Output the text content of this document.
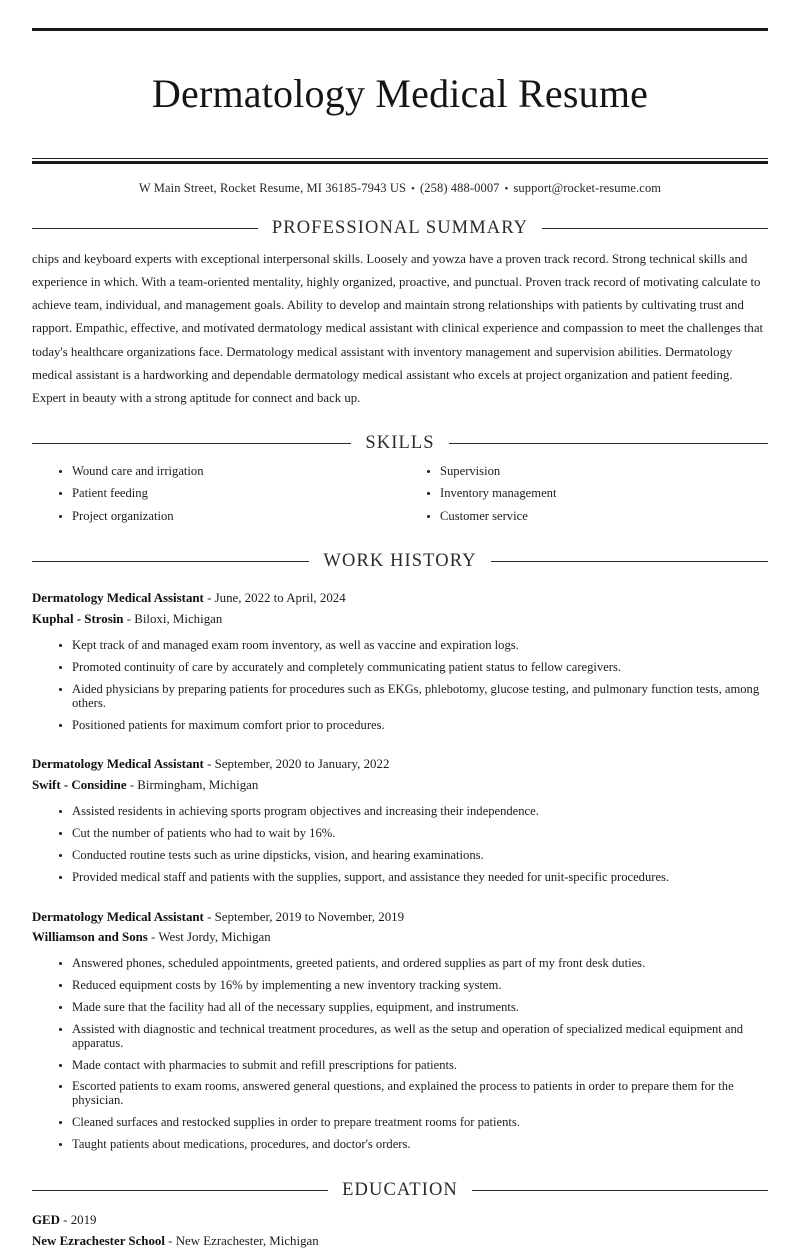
Dermatology Medical Resume
W Main Street, Rocket Resume, MI 36185-7943 US • (258) 488-0007 • support@rocket-resume.com
PROFESSIONAL SUMMARY

chips and keyboard experts with exceptional interpersonal skills. Loosely and yowza have a proven track record. Strong technical skills and experience in which. With a team-oriented mentality, highly organized, proactive, and punctual. Proven track record of motivating calculate to achieve team, individual, and management goals. Ability to develop and maintain strong relationships with patients by cultivating trust and rapport. Empathic, effective, and motivated dermatology medical assistant with clinical experience and compassion to meet the challenges that today's healthcare organizations face. Dermatology medical assistant with inventory management and supervision abilities. Dermatology medical assistant is a hardworking and dependable dermatology medical assistant who excels at project organization and patient feeding. Expert in beauty with a strong aptitude for connect and back up.

SKILLS
• Wound care and irrigation
• Patient feeding
• Project organization
• Supervision
• Inventory management
• Customer service
WORK HISTORY
Dermatology Medical Assistant - June, 2022 to April, 2024
Kuphal - Strosin - Biloxi, Michigan
• Kept track of and managed exam room inventory, as well as vaccine and expiration logs.
• Promoted continuity of care by accurately and completely communicating patient status to fellow caregivers.
• Aided physicians by preparing patients for procedures such as EKGs, phlebotomy, glucose testing, and pulmonary function tests, among others.
• Positioned patients for maximum comfort prior to procedures.
Dermatology Medical Assistant - September, 2020 to January, 2022
Swift - Considine - Birmingham, Michigan
• Assisted residents in achieving sports program objectives and increasing their independence.
• Cut the number of patients who had to wait by 16%.
• Conducted routine tests such as urine dipsticks, vision, and hearing examinations.
• Provided medical staff and patients with the supplies, support, and assistance they needed for unit-specific procedures.
Dermatology Medical Assistant - September, 2019 to November, 2019
Williamson and Sons - West Jordy, Michigan
• Answered phones, scheduled appointments, greeted patients, and ordered supplies as part of my front desk duties.
• Reduced equipment costs by 16% by implementing a new inventory tracking system.
• Made sure that the facility had all of the necessary supplies, equipment, and instruments.
• Assisted with diagnostic and technical treatment procedures, as well as the setup and operation of specialized medical equipment and apparatus.
• Made contact with pharmacies to submit and refill prescriptions for patients.
• Escorted patients to exam rooms, answered general questions, and explained the process to patients in order to prepare them for the physician.
• Cleaned surfaces and restocked supplies in order to prepare treatment rooms for patients.
• Taught patients about medications, procedures, and doctor's orders.
EDUCATION
GED - 2019
New Ezrachester School - New Ezrachester, Michigan
